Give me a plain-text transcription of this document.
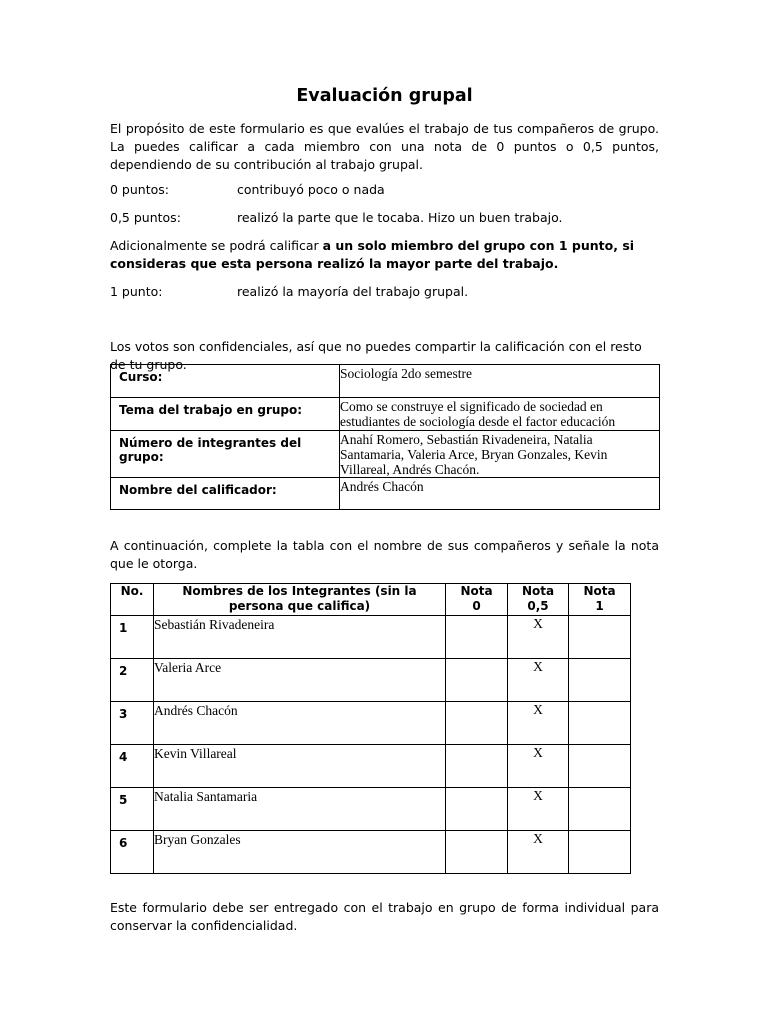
Evaluación grupal

El propósito de este formulario es que evalúes el trabajo de tus compañeros de grupo. La puedes calificar a cada miembro con una nota de 0 puntos o 0,5 puntos, dependiendo de su contribución al trabajo grupal.

0 puntos:	contribuyó poco o nada
0,5 puntos:	realizó la parte que le tocaba. Hizo un buen trabajo.

Adicionalmente se podrá calificar a un solo miembro del grupo con 1 punto, si consideras que esta persona realizó la mayor parte del trabajo.

1 punto:	realizó la mayoría del trabajo grupal.

Los votos son confidenciales, así que no puedes compartir la calificación con el resto de tu grupo.

Curso:	Sociología 2do semestre
Tema del trabajo en grupo:	Como se construye el significado de sociedad en estudiantes de sociología desde el factor educación
Número de integrantes del grupo:	Anahí Romero, Sebastián Rivadeneira, Natalia Santamaria, Valeria Arce, Bryan Gonzales, Kevin Villareal, Andrés Chacón.
Nombre del calificador:	Andrés Chacón

A continuación, complete la tabla con el nombre de sus compañeros y señale la nota que le otorga.

No.	Nombres de los Integrantes (sin la persona que califica)	Nota 0	Nota 0,5	Nota 1
1	Sebastián Rivadeneira		X	
2	Valeria Arce		X	
3	Andrés Chacón		X	
4	Kevin Villareal		X	
5	Natalia Santamaria		X	
6	Bryan Gonzales		X	

Este formulario debe ser entregado con el trabajo en grupo de forma individual para conservar la confidencialidad.
